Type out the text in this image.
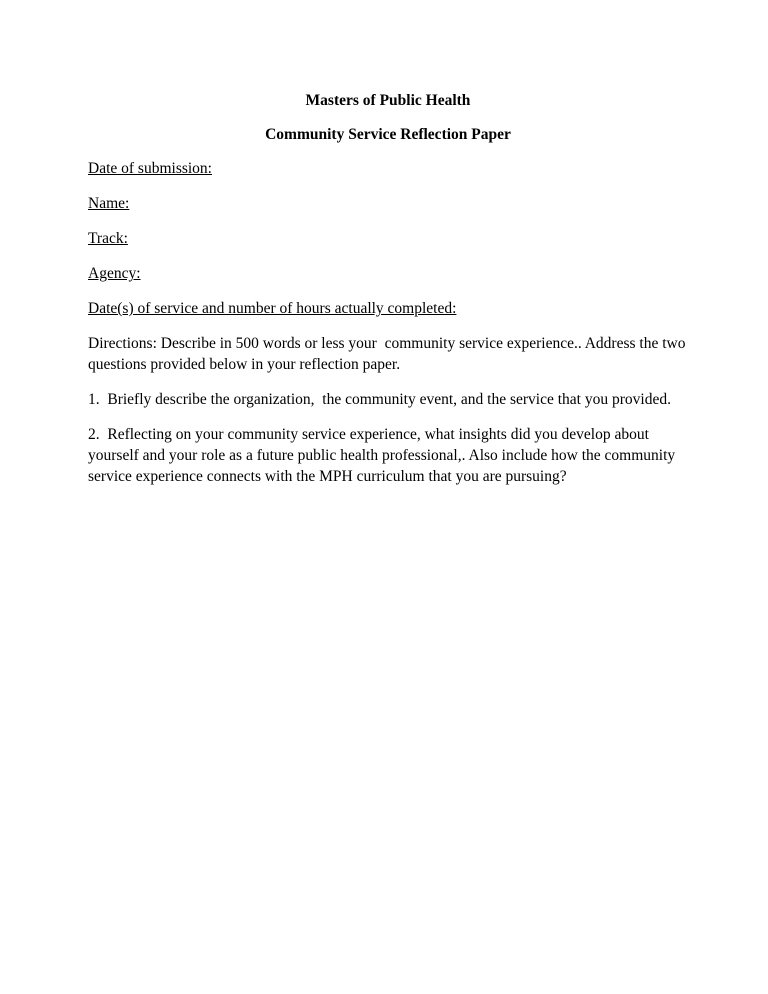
Masters of Public Health

Community Service Reflection Paper

Date of submission:

Name:

Track:

Agency:

Date(s) of service and number of hours actually completed:

Directions: Describe in 500 words or less your  community service experience.. Address the two questions provided below in your reflection paper.

1.  Briefly describe the organization,  the community event, and the service that you provided.

2.  Reflecting on your community service experience, what insights did you develop about yourself and your role as a future public health professional,. Also include how the community service experience connects with the MPH curriculum that you are pursuing?
